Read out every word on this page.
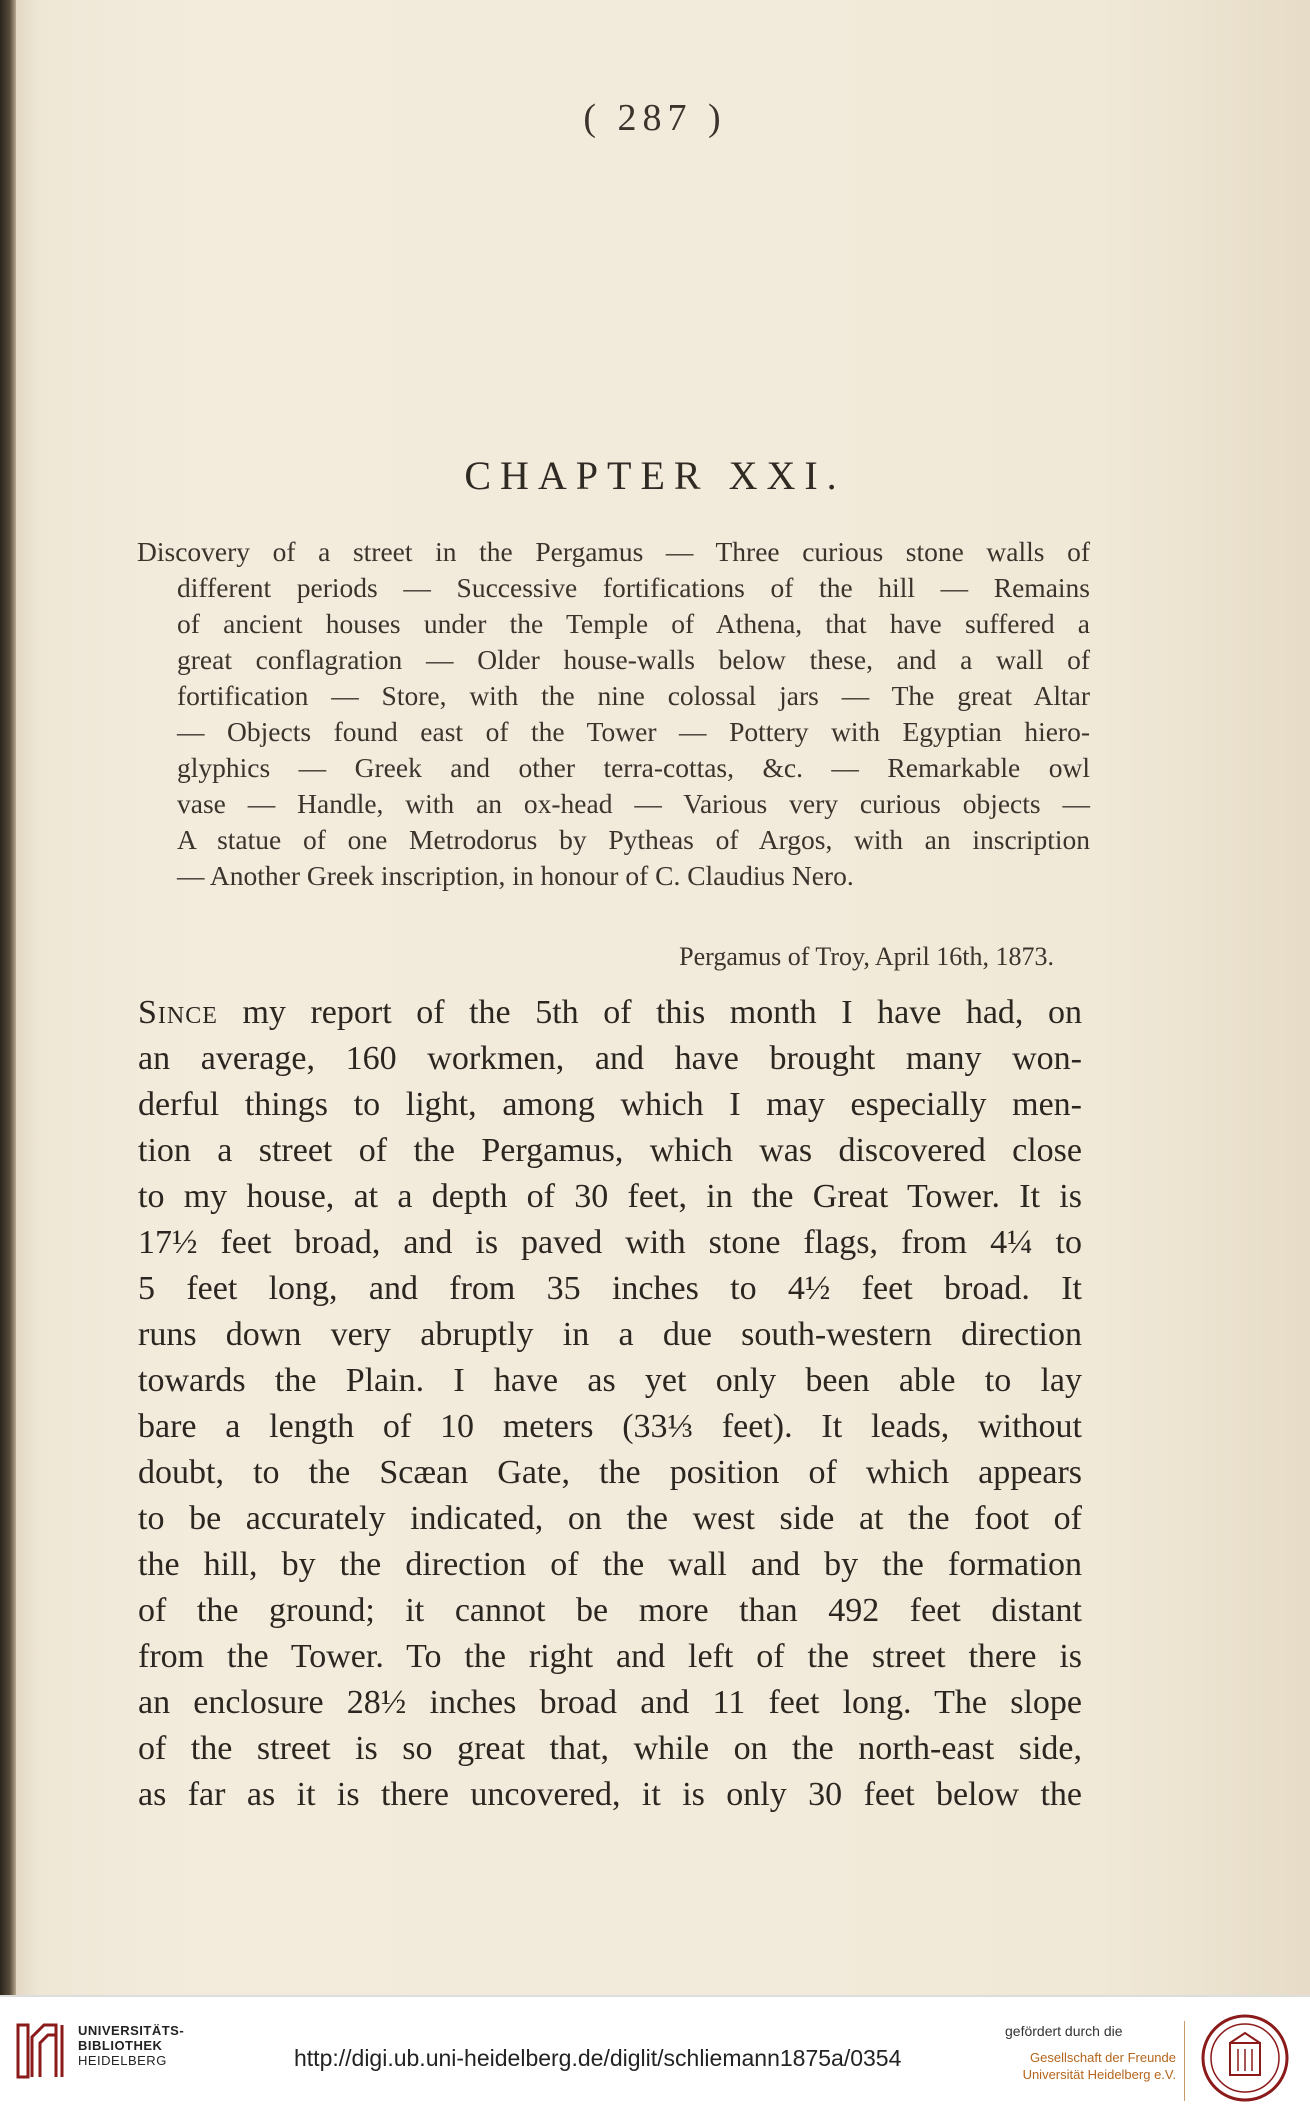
( 287 )
CHAPTER XXI.
Discovery of a street in the Pergamus — Three curious stone walls of
different periods — Successive fortifications of the hill — Remains
of ancient houses under the Temple of Athena, that have suffered a
great conflagration — Older house-walls below these, and a wall of
fortification — Store, with the nine colossal jars — The great Altar
— Objects found east of the Tower — Pottery with Egyptian hiero-
glyphics — Greek and other terra-cottas, &c. — Remarkable owl
vase — Handle, with an ox-head — Various very curious objects —
A statue of one Metrodorus by Pytheas of Argos, with an inscription
— Another Greek inscription, in honour of C. Claudius Nero.
Pergamus of Troy, April 16th, 1873.
Since my report of the 5th of this month I have had, on
an average, 160 workmen, and have brought many won-
derful things to light, among which I may especially men-
tion a street of the Pergamus, which was discovered close
to my house, at a depth of 30 feet, in the Great Tower. It is
17½ feet broad, and is paved with stone flags, from 4¼ to
5 feet long, and from 35 inches to 4½ feet broad. It
runs down very abruptly in a due south-western direction
towards the Plain. I have as yet only been able to lay
bare a length of 10 meters (33⅓ feet). It leads, without
doubt, to the Scæan Gate, the position of which appears
to be accurately indicated, on the west side at the foot of
the hill, by the direction of the wall and by the formation
of the ground; it cannot be more than 492 feet distant
from the Tower. To the right and left of the street there is
an enclosure 28½ inches broad and 11 feet long. The slope
of the street is so great that, while on the north-east side,
as far as it is there uncovered, it is only 30 feet below the
UNIVERSITÄTS-
BIBLIOTHEK
HEIDELBERG	http://digi.ub.uni-heidelberg.de/diglit/schliemann1875a/0354
gefördert durch die
Gesellschaft der Freunde
Universität Heidelberg e.V.
